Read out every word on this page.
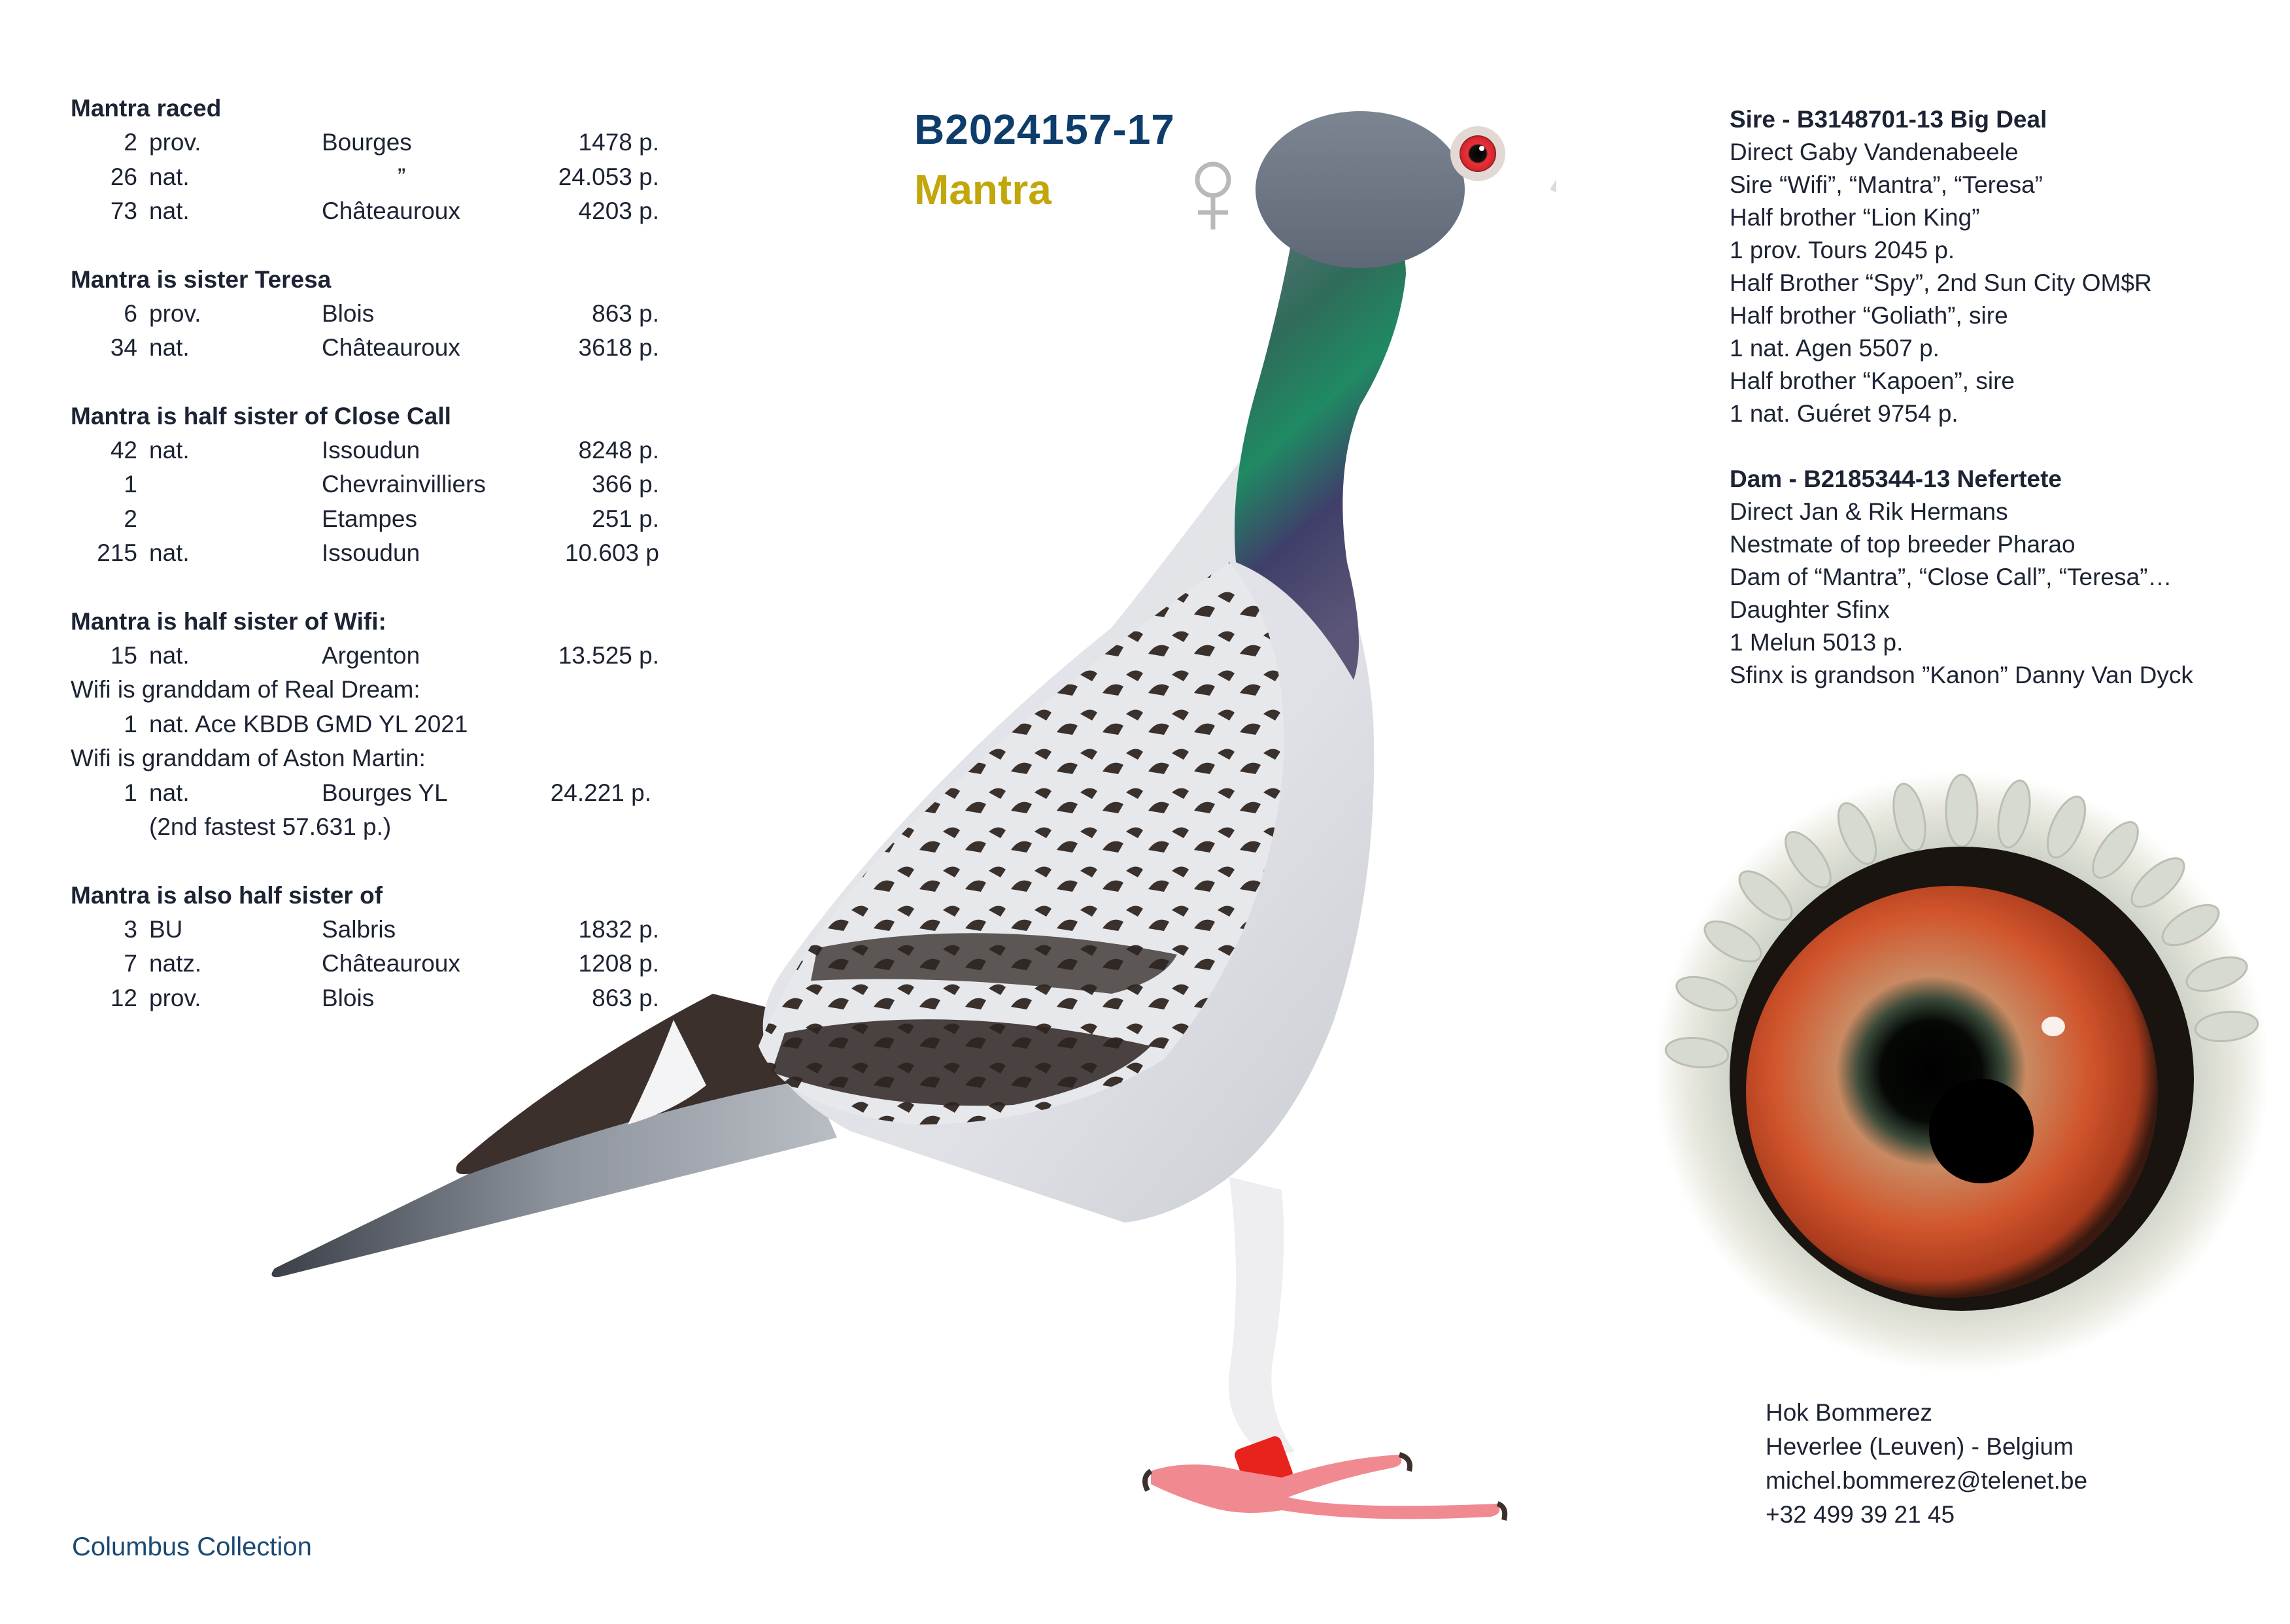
Mantra raced
2 prov.	Bourges	1478 p.
26 nat.	”	24.053 p.
73 nat.	Châteauroux	4203 p.
Mantra is sister Teresa
6 prov.	Blois	863 p.
34 nat.	Châteauroux	3618 p.
Mantra is half sister of Close Call
42 nat.	Issoudun	8248 p.
1	Chevrainvilliers	366 p.
2	Etampes	251 p.
215 nat.	Issoudun	10.603 p
Mantra is half sister of Wifi:
15 nat.	Argenton	13.525 p.
Wifi is granddam of Real Dream:
1 nat. Ace KBDB GMD YL 2021
Wifi is granddam of Aston Martin:
1 nat.	Bourges YL	24.221 p.
(2nd fastest 57.631 p.)
Mantra is also half sister of
3 BU	Salbris	1832 p.
7 natz.	Châteauroux	1208 p.
12 prov.	Blois	863 p.
B2024157-17
Mantra
Sire - B3148701-13 Big Deal
Direct Gaby Vandenabeele
Sire “Wifi”, “Mantra”, “Teresa”
Half brother “Lion King”
1 prov. Tours 2045 p.
Half Brother “Spy”, 2nd Sun City OM$R
Half brother “Goliath”, sire
1 nat. Agen 5507 p.
Half brother “Kapoen”, sire
1 nat. Guéret 9754 p.
Dam - B2185344-13 Nefertete
Direct Jan & Rik Hermans
Nestmate of top breeder Pharao
Dam of “Mantra”, “Close Call”, “Teresa”…
Daughter Sfinx
1 Melun 5013 p.
Sfinx is grandson ”Kanon” Danny Van Dyck
Hok Bommerez
Heverlee (Leuven) - Belgium
michel.bommerez@telenet.be
+32 499 39 21 45
Columbus Collection
